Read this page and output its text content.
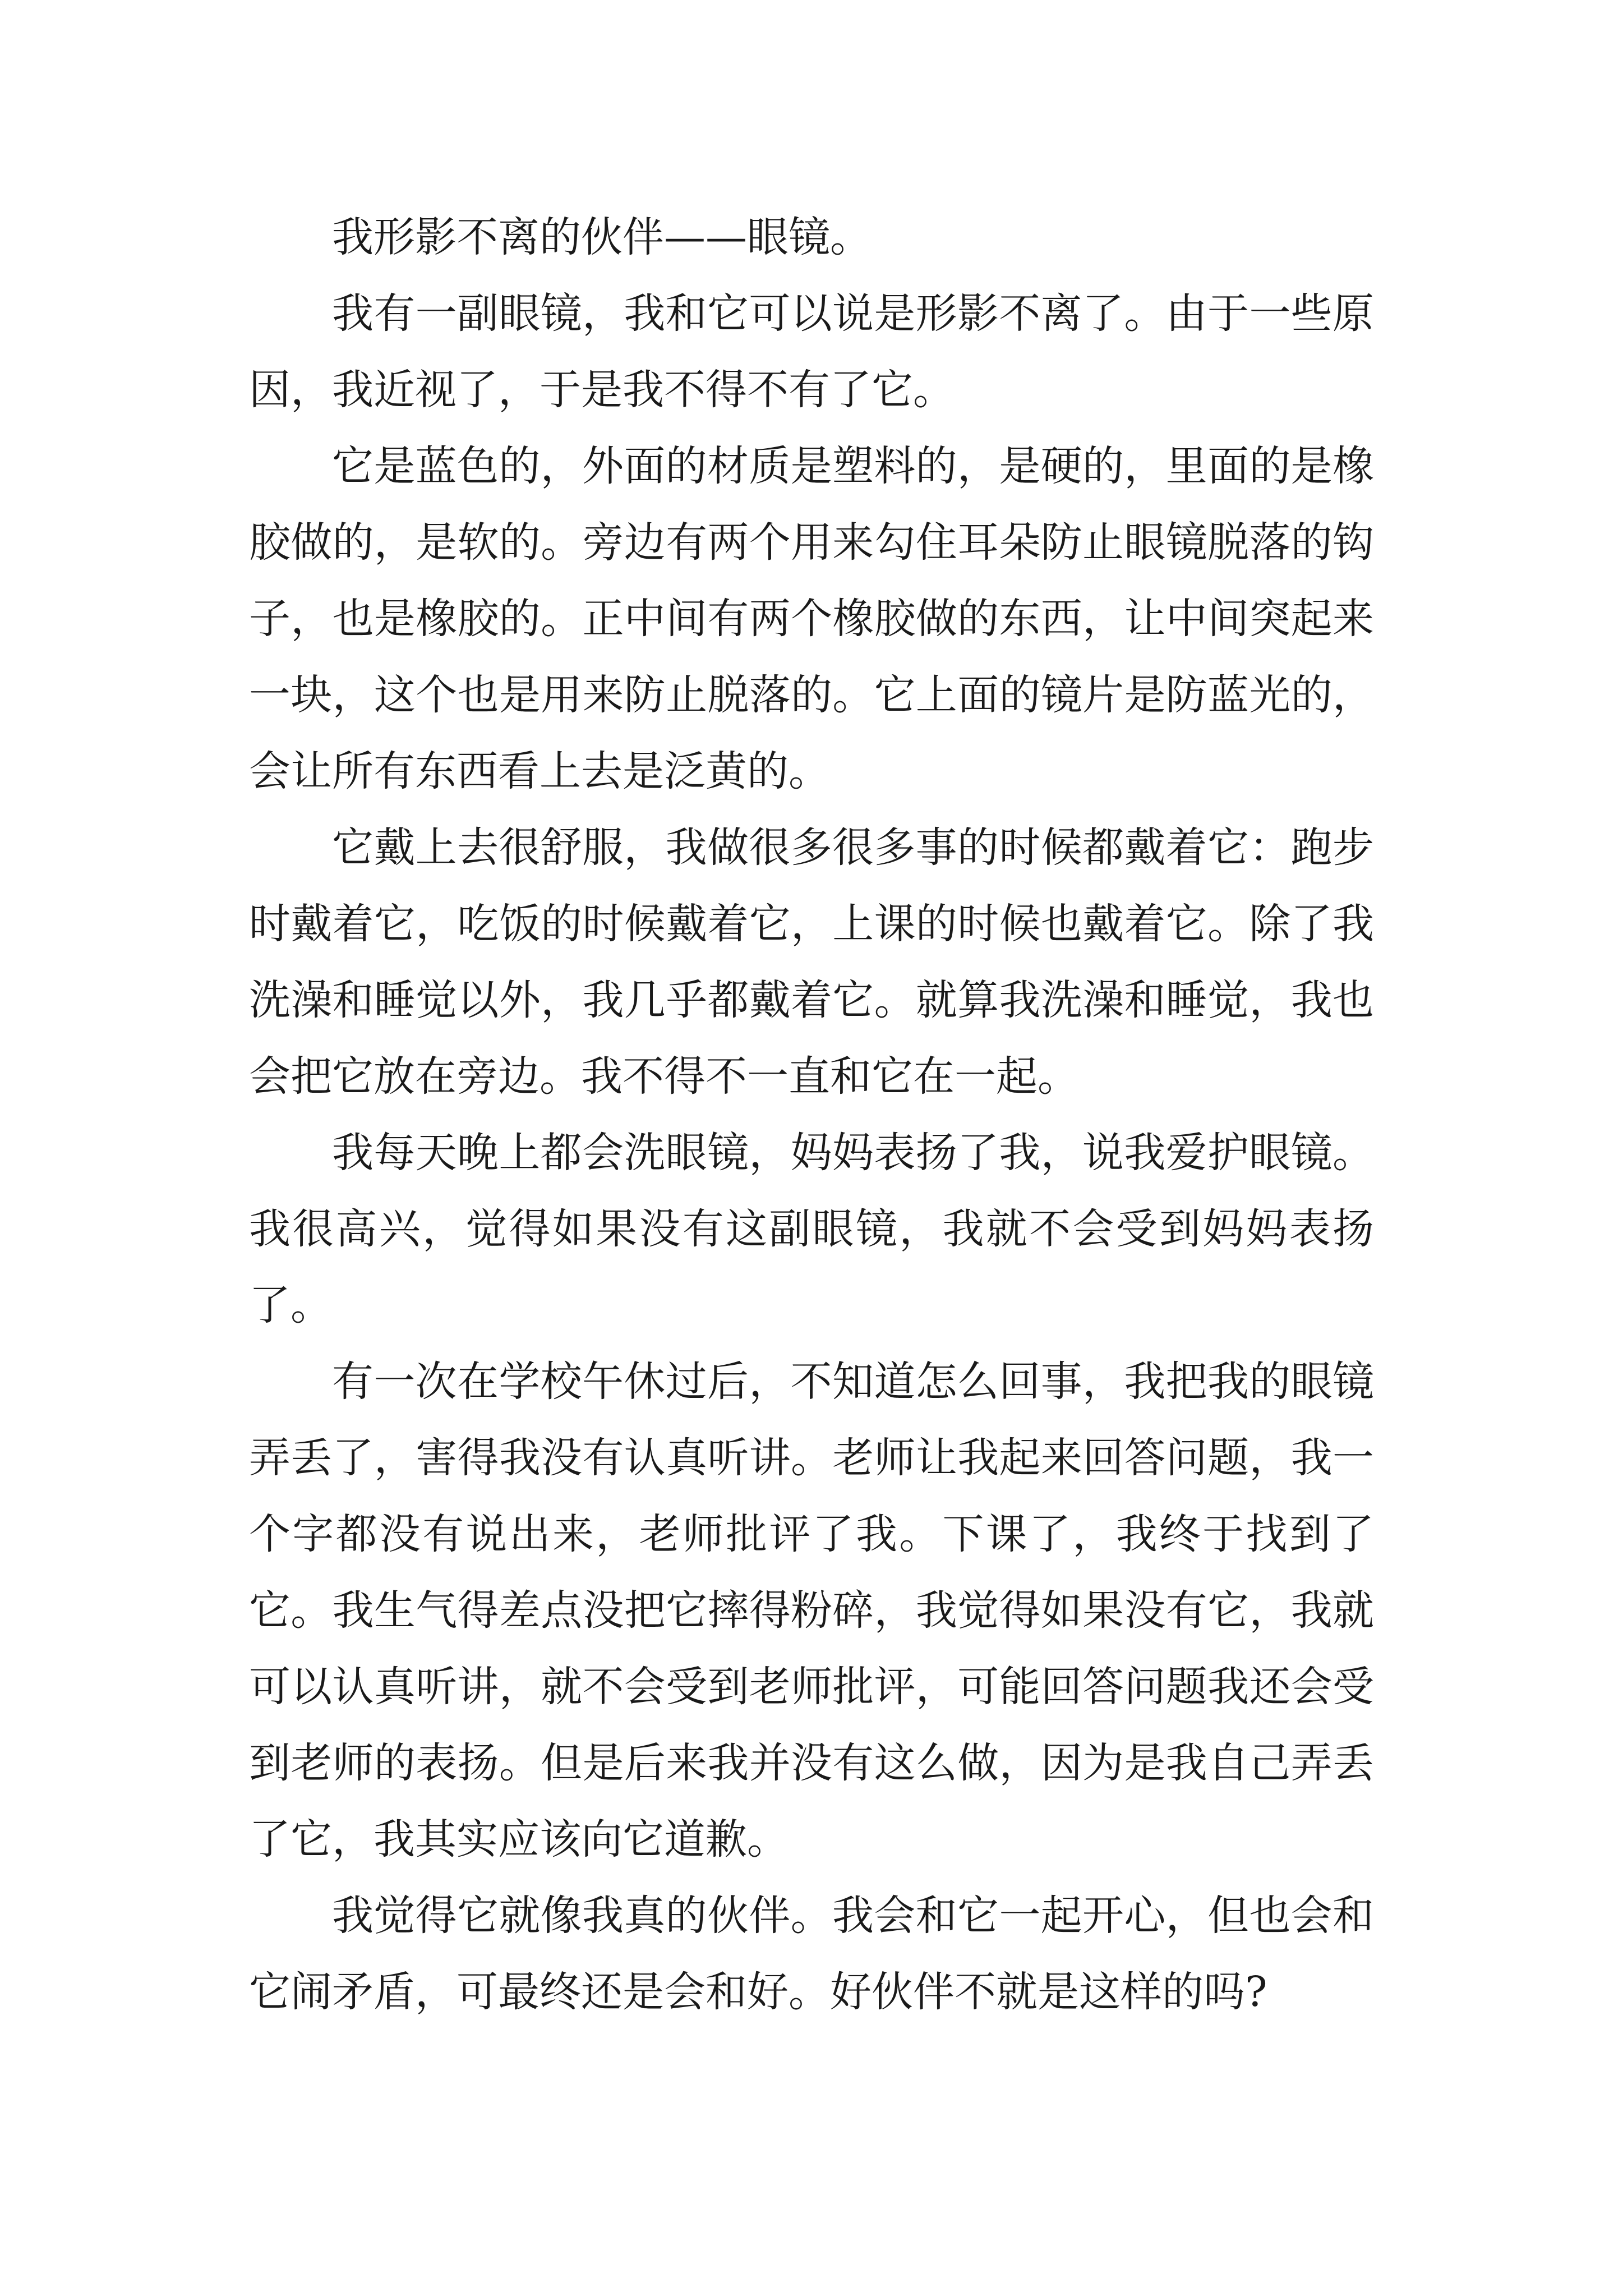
我形影不离的伙伴——眼镜。

我有一副眼镜，我和它可以说是形影不离了。由于一些原因，我近视了，于是我不得不有了它。

它是蓝色的，外面的材质是塑料的，是硬的，里面的是橡胶做的，是软的。旁边有两个用来勾住耳朵防止眼镜脱落的钩子，也是橡胶的。正中间有两个橡胶做的东西，让中间突起来一块，这个也是用来防止脱落的。它上面的镜片是防蓝光的，会让所有东西看上去是泛黄的。

它戴上去很舒服，我做很多很多事的时候都戴着它：跑步时戴着它，吃饭的时候戴着它，上课的时候也戴着它。除了我洗澡和睡觉以外，我几乎都戴着它。就算我洗澡和睡觉，我也会把它放在旁边。我不得不一直和它在一起。

我每天晚上都会洗眼镜，妈妈表扬了我，说我爱护眼镜。我很高兴，觉得如果没有这副眼镜，我就不会受到妈妈表扬了。

有一次在学校午休过后，不知道怎么回事，我把我的眼镜弄丢了，害得我没有认真听讲。老师让我起来回答问题，我一个字都没有说出来，老师批评了我。下课了，我终于找到了它。我生气得差点没把它摔得粉碎，我觉得如果没有它，我就可以认真听讲，就不会受到老师批评，可能回答问题我还会受到老师的表扬。但是后来我并没有这么做，因为是我自己弄丢了它，我其实应该向它道歉。

我觉得它就像我真的伙伴。我会和它一起开心，但也会和它闹矛盾，可最终还是会和好。好伙伴不就是这样的吗?
